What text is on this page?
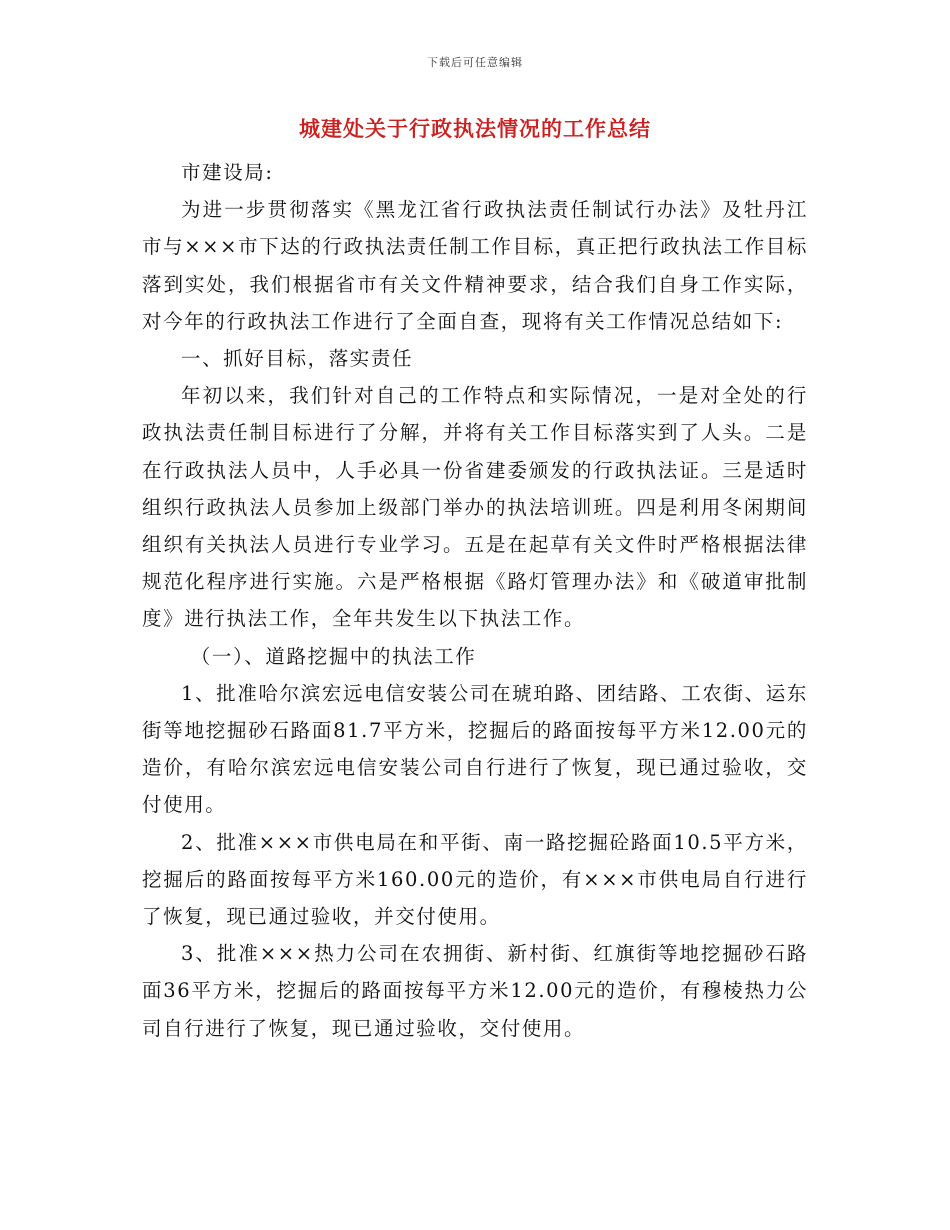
下载后可任意编辑
城建处关于行政执法情况的工作总结

市建设局:

为进一步贯彻落实《黑龙江省行政执法责任制试行办法》及牡丹江市与×××市下达的行政执法责任制工作目标，真正把行政执法工作目标落到实处，我们根据省市有关文件精神要求，结合我们自身工作实际，对今年的行政执法工作进行了全面自查，现将有关工作情况总结如下:

一、抓好目标，落实责任

年初以来，我们针对自己的工作特点和实际情况，一是对全处的行政执法责任制目标进行了分解，并将有关工作目标落实到了人头。二是在行政执法人员中，人手必具一份省建委颁发的行政执法证。三是适时组织行政执法人员参加上级部门举办的执法培训班。四是利用冬闲期间组织有关执法人员进行专业学习。五是在起草有关文件时严格根据法律规范化程序进行实施。六是严格根据《路灯管理办法》和《破道审批制度》进行执法工作，全年共发生以下执法工作。

（一）、道路挖掘中的执法工作

1、批准哈尔滨宏远电信安装公司在琥珀路、团结路、工农街、运东街等地挖掘砂石路面81.7平方米，挖掘后的路面按每平方米12.00元的造价，有哈尔滨宏远电信安装公司自行进行了恢复，现已通过验收，交付使用。

2、批准×××市供电局在和平街、南一路挖掘砼路面10.5平方米，挖掘后的路面按每平方米160.00元的造价，有×××市供电局自行进行了恢复，现已通过验收，并交付使用。

3、批准×××热力公司在农拥街、新村街、红旗街等地挖掘砂石路面36平方米，挖掘后的路面按每平方米12.00元的造价，有穆棱热力公司自行进行了恢复，现已通过验收，交付使用。
